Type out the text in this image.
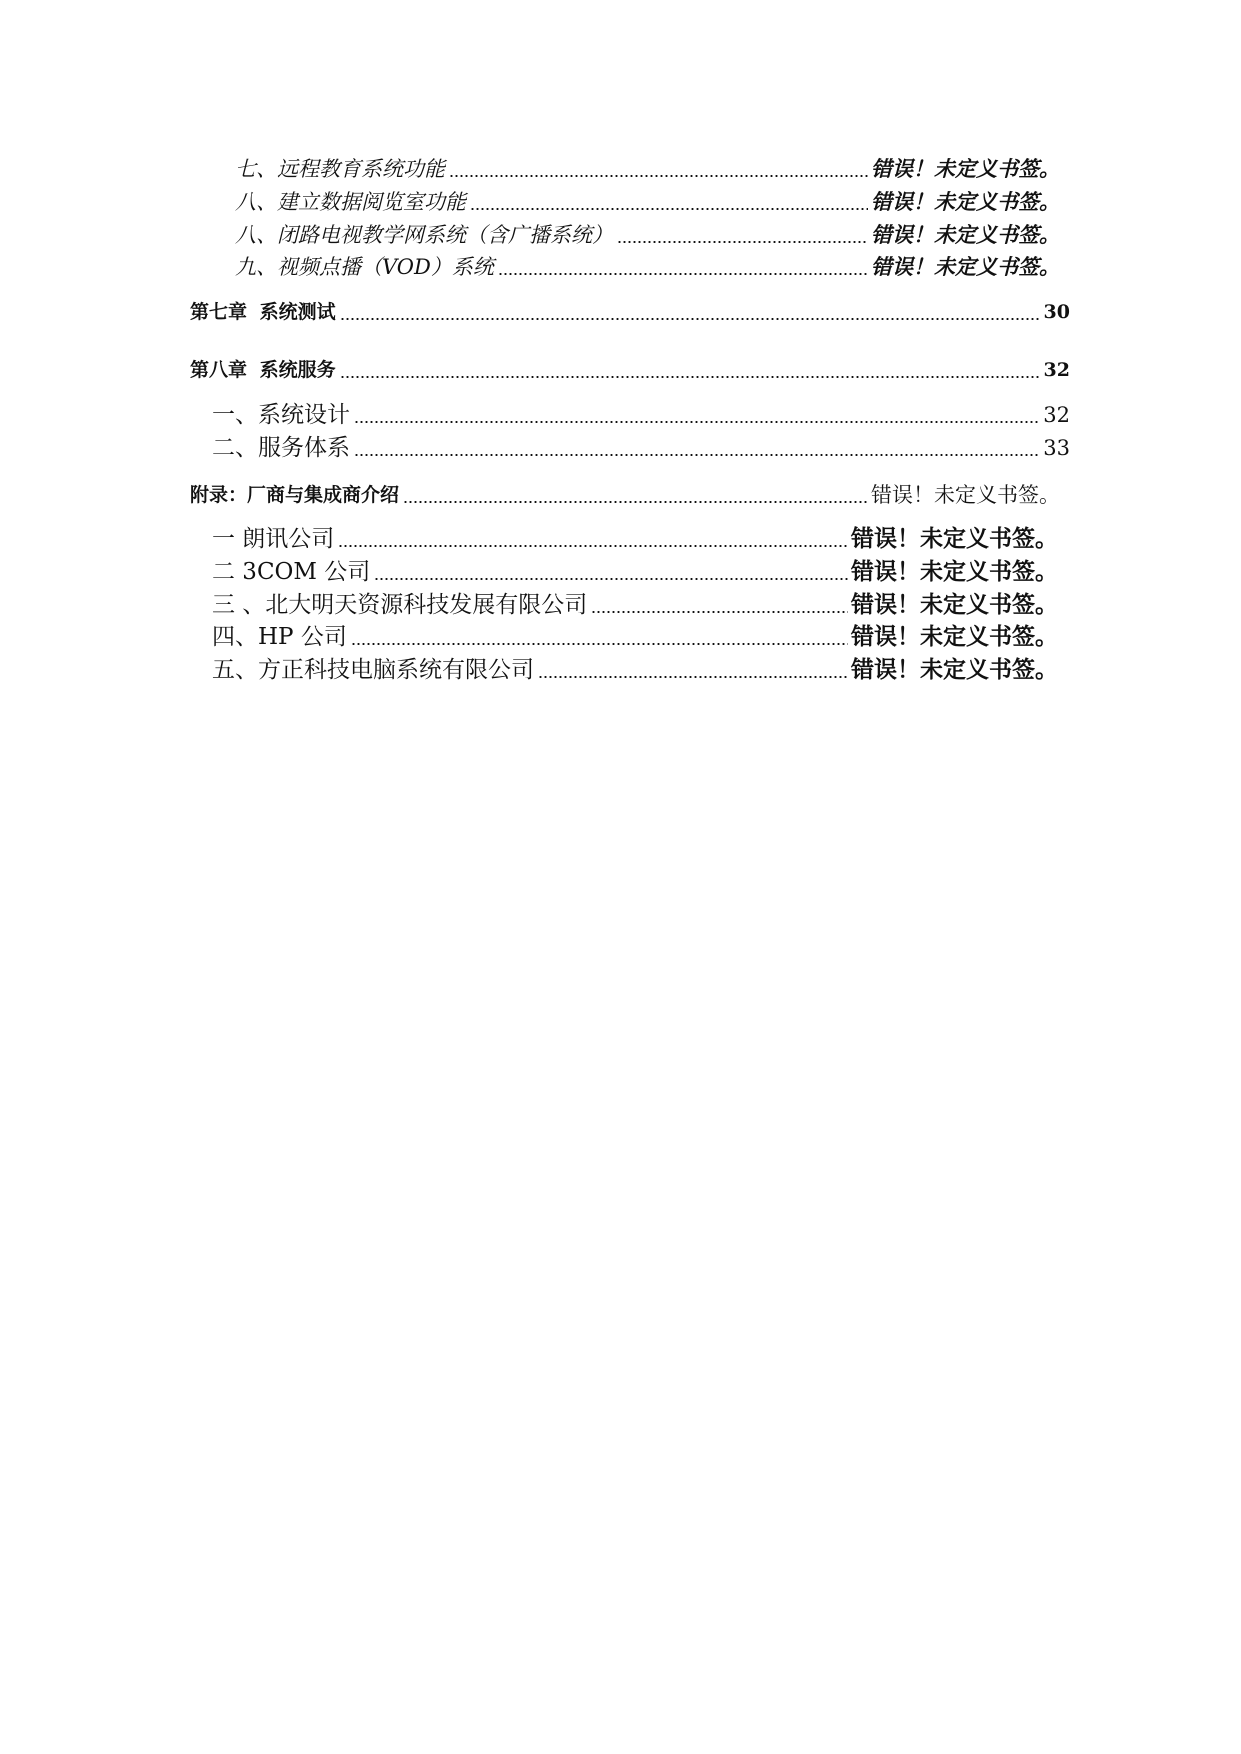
七、远程教育系统功能	错误！未定义书签。
八、建立数据阅览室功能	错误！未定义书签。
八、闭路电视教学网系统（含广播系统）	错误！未定义书签。
九、视频点播（VOD）系统	错误！未定义书签。
第七章 系统测试	30
第八章 系统服务	32
一、系统设计	32
二、服务体系	33
附录：厂商与集成商介绍	错误！未定义书签。
一 朗讯公司	错误！未定义书签。
二 3COM 公司	错误！未定义书签。
三 、北大明天资源科技发展有限公司	错误！未定义书签。
四、HP 公司	错误！未定义书签。
五、方正科技电脑系统有限公司	错误！未定义书签。
